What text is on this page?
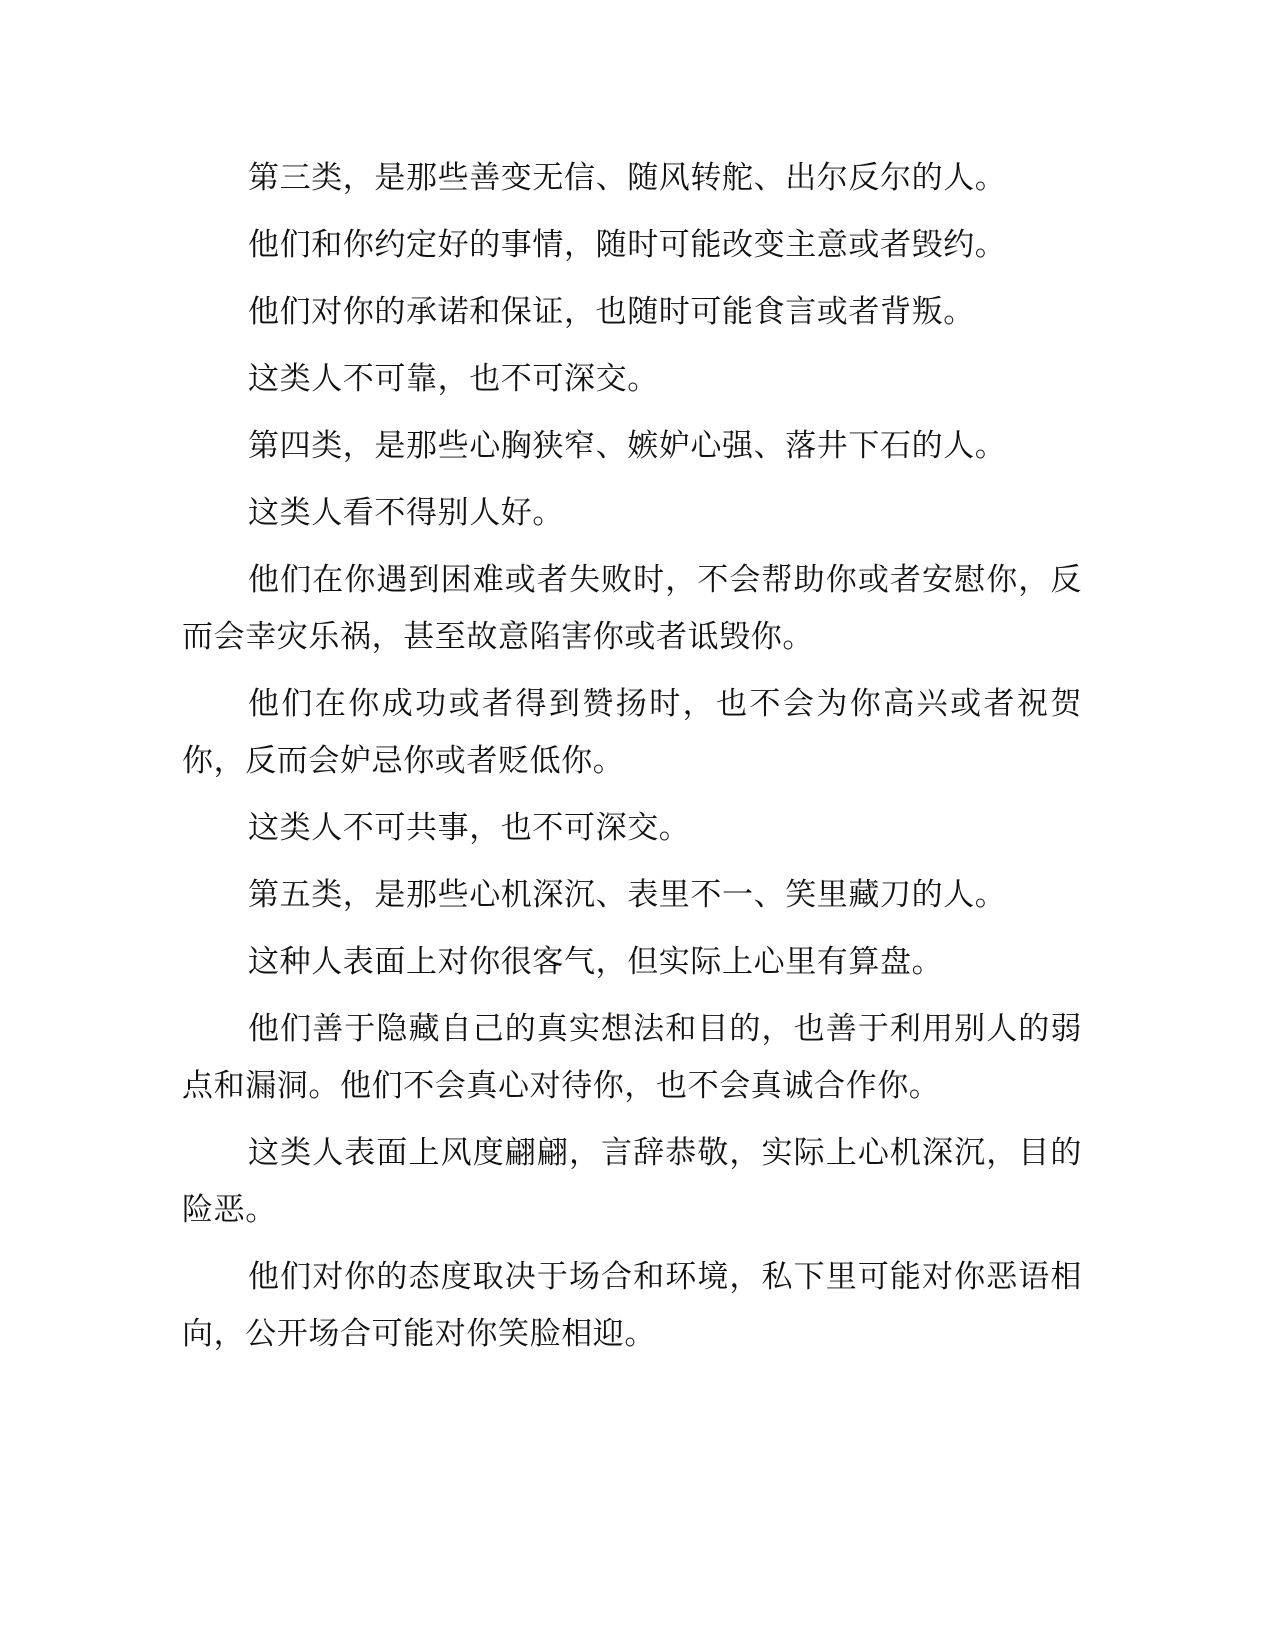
第三类，是那些善变无信、随风转舵、出尔反尔的人。

他们和你约定好的事情，随时可能改变主意或者毁约。

他们对你的承诺和保证，也随时可能食言或者背叛。

这类人不可靠，也不可深交。

第四类，是那些心胸狭窄、嫉妒心强、落井下石的人。

这类人看不得别人好。

他们在你遇到困难或者失败时，不会帮助你或者安慰你，反而会幸灾乐祸，甚至故意陷害你或者诋毁你。

他们在你成功或者得到赞扬时，也不会为你高兴或者祝贺你，反而会妒忌你或者贬低你。

这类人不可共事，也不可深交。

第五类，是那些心机深沉、表里不一、笑里藏刀的人。

这种人表面上对你很客气，但实际上心里有算盘。

他们善于隐藏自己的真实想法和目的，也善于利用别人的弱点和漏洞。他们不会真心对待你，也不会真诚合作你。

这类人表面上风度翩翩，言辞恭敬，实际上心机深沉，目的险恶。

他们对你的态度取决于场合和环境，私下里可能对你恶语相向，公开场合可能对你笑脸相迎。
